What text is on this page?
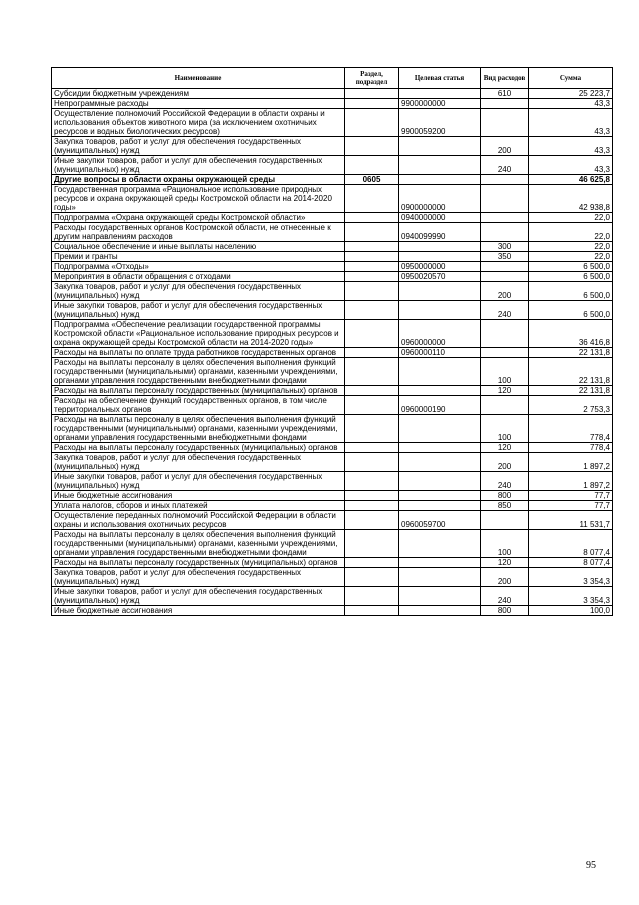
Наименование	Раздел, подраздел	Целевая статья	Вид расходов	Сумма
Субсидии бюджетным учреждениям			610	25 223,7
Непрограммные расходы		9900000000		43,3
Осуществление полномочий Российской Федерации в области охраны и использования объектов животного мира (за исключением охотничьих ресурсов и водных биологических ресурсов)		9900059200		43,3
Закупка товаров, работ и услуг для обеспечения государственных (муниципальных) нужд			200	43,3
Иные закупки товаров, работ и услуг для обеспечения государственных (муниципальных) нужд			240	43,3
Другие вопросы в области охраны окружающей среды	0605			46 625,8
Государственная программа «Рациональное использование природных ресурсов и охрана окружающей среды Костромской области на 2014-2020 годы»		0900000000		42 938,8
Подпрограмма «Охрана окружающей среды Костромской области»		0940000000		22,0
Расходы государственных органов Костромской области, не отнесенные к другим направлениям расходов		0940099990		22,0
Социальное обеспечение и иные выплаты населению			300	22,0
Премии и гранты			350	22,0
Подпрограмма «Отходы»		0950000000		6 500,0
Мероприятия в области обращения с отходами		0950020570		6 500,0
Закупка товаров, работ и услуг для обеспечения государственных (муниципальных) нужд			200	6 500,0
Иные закупки товаров, работ и услуг для обеспечения государственных (муниципальных) нужд			240	6 500,0
Подпрограмма «Обеспечение реализации государственной программы Костромской области «Рациональное использование природных ресурсов и охрана окружающей среды Костромской области на 2014-2020 годы»		0960000000		36 416,8
Расходы на выплаты по оплате труда работников государственных органов		0960000110		22 131,8
Расходы на выплаты персоналу в целях обеспечения выполнения функций государственными (муниципальными) органами, казенными учреждениями, органами управления государственными внебюджетными фондами			100	22 131,8
Расходы на выплаты персоналу государственных (муниципальных) органов			120	22 131,8
Расходы на обеспечение функций государственных органов, в том числе территориальных органов		0960000190		2 753,3
Расходы на выплаты персоналу в целях обеспечения выполнения функций государственными (муниципальными) органами, казенными учреждениями, органами управления государственными внебюджетными фондами			100	778,4
Расходы на выплаты персоналу государственных (муниципальных) органов			120	778,4
Закупка товаров, работ и услуг для обеспечения государственных (муниципальных) нужд			200	1 897,2
Иные закупки товаров, работ и услуг для обеспечения государственных (муниципальных) нужд			240	1 897,2
Иные бюджетные ассигнования			800	77,7
Уплата налогов, сборов и иных платежей			850	77,7
Осуществление переданных полномочий Российской Федерации в области охраны и использования охотничьих ресурсов		0960059700		11 531,7
Расходы на выплаты персоналу в целях обеспечения выполнения функций государственными (муниципальными) органами, казенными учреждениями, органами управления государственными внебюджетными фондами			100	8 077,4
Расходы на выплаты персоналу государственных (муниципальных) органов			120	8 077,4
Закупка товаров, работ и услуг для обеспечения государственных (муниципальных) нужд			200	3 354,3
Иные закупки товаров, работ и услуг для обеспечения государственных (муниципальных) нужд			240	3 354,3
Иные бюджетные ассигнования			800	100,0
95
